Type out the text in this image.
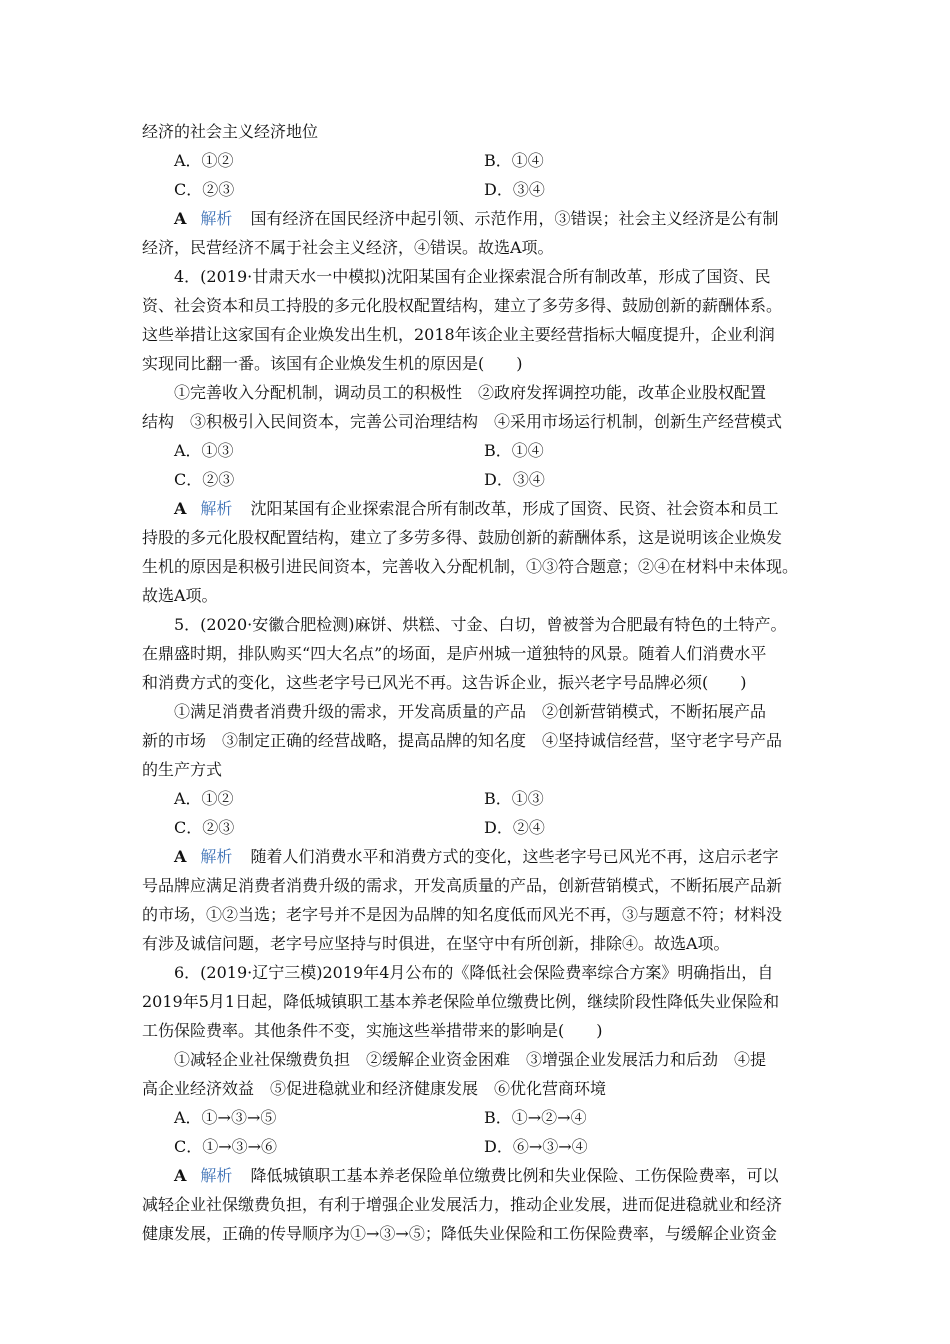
经济的社会主义经济地位
A．①②	B．①④
C．②③	D．③④
A 解析 国有经济在国民经济中起引领、示范作用，③错误；社会主义经济是公有制
经济，民营经济不属于社会主义经济，④错误。故选A项。
4．(2019·甘肃天水一中模拟)沈阳某国有企业探索混合所有制改革，形成了国资、民
资、社会资本和员工持股的多元化股权配置结构，建立了多劳多得、鼓励创新的薪酬体系。
这些举措让这家国有企业焕发出生机，2018年该企业主要经营指标大幅度提升，企业利润
实现同比翻一番。该国有企业焕发生机的原因是(　　)
①完善收入分配机制，调动员工的积极性　②政府发挥调控功能，改革企业股权配置
结构　③积极引入民间资本，完善公司治理结构　④采用市场运行机制，创新生产经营模式
A．①③	B．①④
C．②③	D．③④
A 解析 沈阳某国有企业探索混合所有制改革，形成了国资、民资、社会资本和员工
持股的多元化股权配置结构，建立了多劳多得、鼓励创新的薪酬体系，这是说明该企业焕发
生机的原因是积极引进民间资本，完善收入分配机制，①③符合题意；②④在材料中未体现。
故选A项。
5．(2020·安徽合肥检测)麻饼、烘糕、寸金、白切，曾被誉为合肥最有特色的土特产。
在鼎盛时期，排队购买“四大名点”的场面，是庐州城一道独特的风景。随着人们消费水平
和消费方式的变化，这些老字号已风光不再。这告诉企业，振兴老字号品牌必须(　　)
①满足消费者消费升级的需求，开发高质量的产品　②创新营销模式，不断拓展产品
新的市场　③制定正确的经营战略，提高品牌的知名度　④坚持诚信经营，坚守老字号产品
的生产方式
A．①②	B．①③
C．②③	D．②④
A 解析 随着人们消费水平和消费方式的变化，这些老字号已风光不再，这启示老字
号品牌应满足消费者消费升级的需求，开发高质量的产品，创新营销模式，不断拓展产品新
的市场，①②当选；老字号并不是因为品牌的知名度低而风光不再，③与题意不符；材料没
有涉及诚信问题，老字号应坚持与时俱进，在坚守中有所创新，排除④。故选A项。
6．(2019·辽宁三模)2019年4月公布的《降低社会保险费率综合方案》明确指出，自
2019年5月1日起，降低城镇职工基本养老保险单位缴费比例，继续阶段性降低失业保险和
工伤保险费率。其他条件不变，实施这些举措带来的影响是(　　)
①减轻企业社保缴费负担　②缓解企业资金困难　③增强企业发展活力和后劲　④提
高企业经济效益　⑤促进稳就业和经济健康发展　⑥优化营商环境
A．①→③→⑤	B．①→②→④
C．①→③→⑥	D．⑥→③→④
A 解析 降低城镇职工基本养老保险单位缴费比例和失业保险、工伤保险费率，可以
减轻企业社保缴费负担，有利于增强企业发展活力，推动企业发展，进而促进稳就业和经济
健康发展，正确的传导顺序为①→③→⑤；降低失业保险和工伤保险费率，与缓解企业资金
